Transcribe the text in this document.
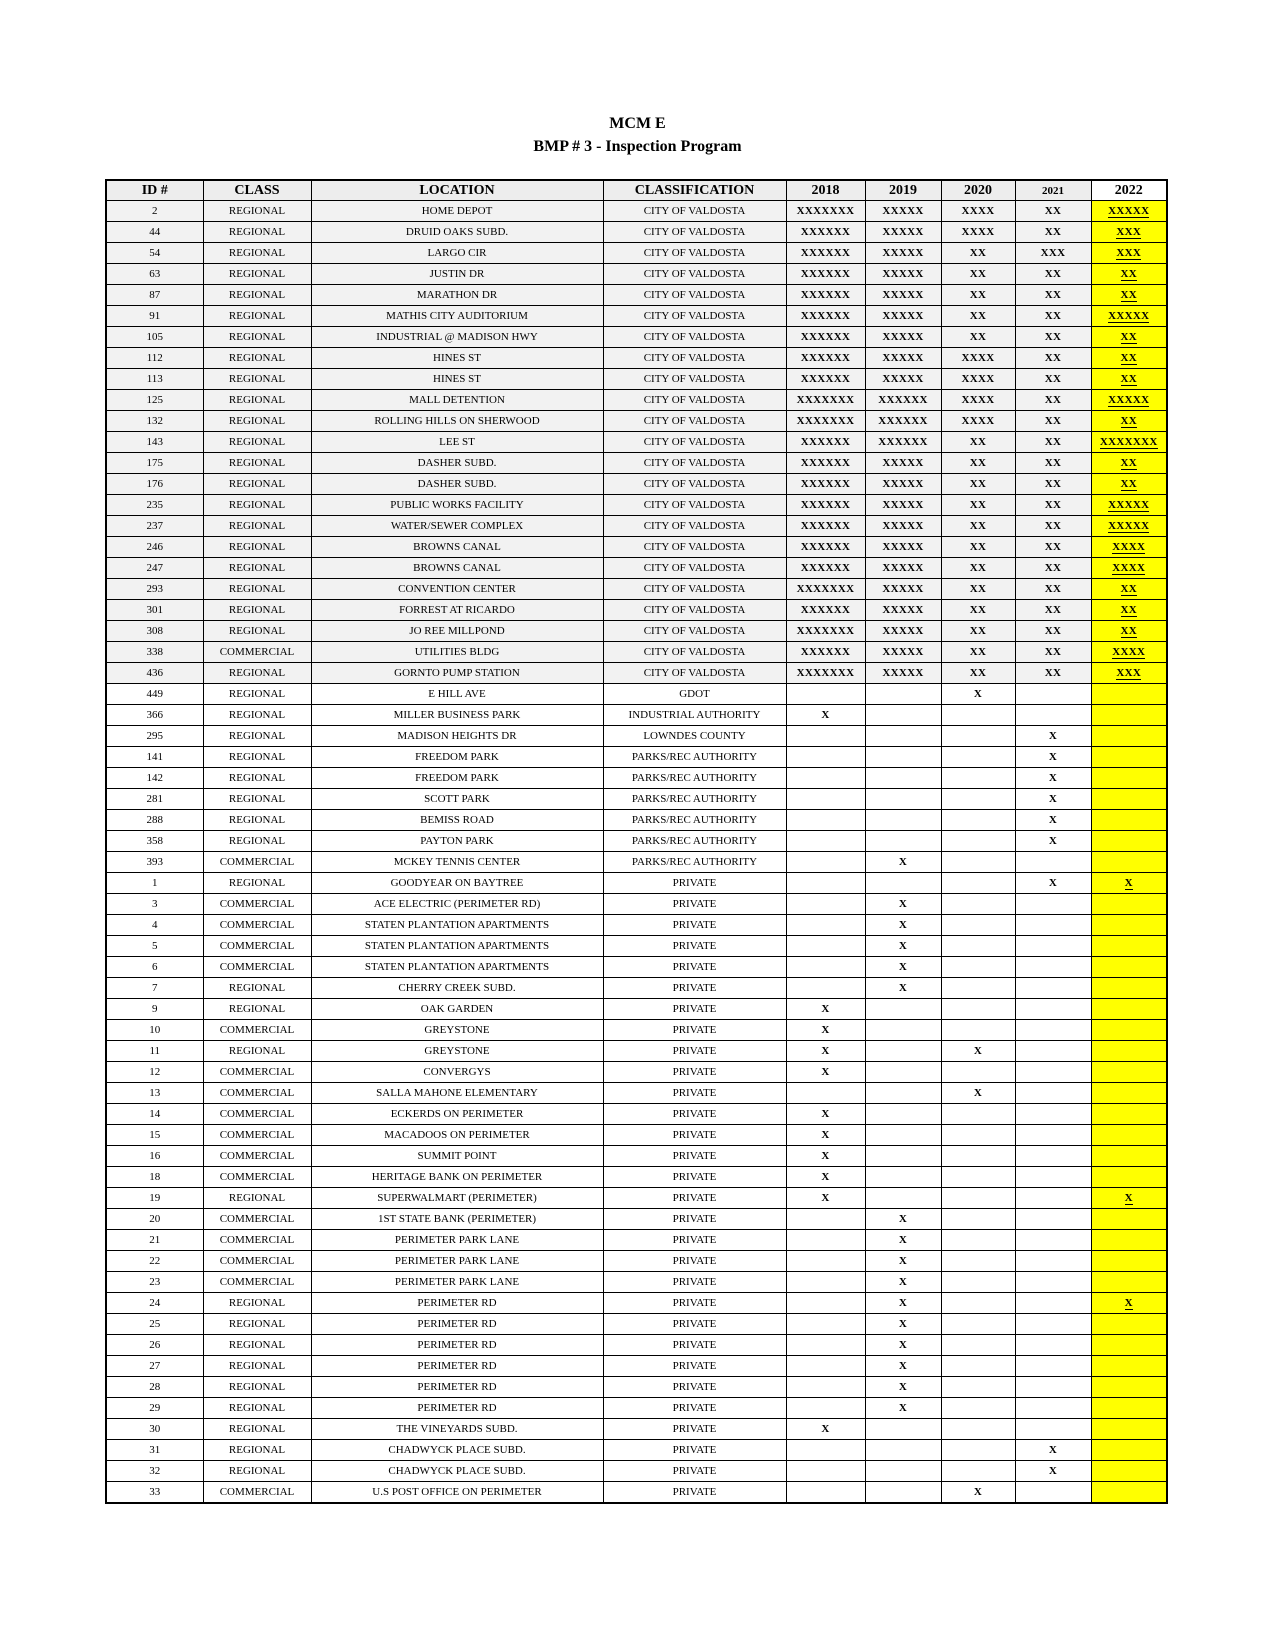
MCM E
BMP # 3 - Inspection Program
ID #	CLASS	LOCATION	CLASSIFICATION	2018	2019	2020	2021	2022
2	REGIONAL	HOME DEPOT	CITY OF VALDOSTA	XXXXXXX	XXXXX	XXXX	XX	XXXXX
44	REGIONAL	DRUID OAKS SUBD.	CITY OF VALDOSTA	XXXXXX	XXXXX	XXXX	XX	XXX
54	REGIONAL	LARGO CIR	CITY OF VALDOSTA	XXXXXX	XXXXX	XX	XXX	XXX
63	REGIONAL	JUSTIN DR	CITY OF VALDOSTA	XXXXXX	XXXXX	XX	XX	XX
87	REGIONAL	MARATHON DR	CITY OF VALDOSTA	XXXXXX	XXXXX	XX	XX	XX
91	REGIONAL	MATHIS CITY AUDITORIUM	CITY OF VALDOSTA	XXXXXX	XXXXX	XX	XX	XXXXX
105	REGIONAL	INDUSTRIAL @ MADISON HWY	CITY OF VALDOSTA	XXXXXX	XXXXX	XX	XX	XX
112	REGIONAL	HINES ST	CITY OF VALDOSTA	XXXXXX	XXXXX	XXXX	XX	XX
113	REGIONAL	HINES ST	CITY OF VALDOSTA	XXXXXX	XXXXX	XXXX	XX	XX
125	REGIONAL	MALL DETENTION	CITY OF VALDOSTA	XXXXXXX	XXXXXX	XXXX	XX	XXXXX
132	REGIONAL	ROLLING HILLS ON SHERWOOD	CITY OF VALDOSTA	XXXXXXX	XXXXXX	XXXX	XX	XX
143	REGIONAL	LEE ST	CITY OF VALDOSTA	XXXXXX	XXXXXX	XX	XX	XXXXXXX
175	REGIONAL	DASHER SUBD.	CITY OF VALDOSTA	XXXXXX	XXXXX	XX	XX	XX
176	REGIONAL	DASHER SUBD.	CITY OF VALDOSTA	XXXXXX	XXXXX	XX	XX	XX
235	REGIONAL	PUBLIC WORKS FACILITY	CITY OF VALDOSTA	XXXXXX	XXXXX	XX	XX	XXXXX
237	REGIONAL	WATER/SEWER COMPLEX	CITY OF VALDOSTA	XXXXXX	XXXXX	XX	XX	XXXXX
246	REGIONAL	BROWNS CANAL	CITY OF VALDOSTA	XXXXXX	XXXXX	XX	XX	XXXX
247	REGIONAL	BROWNS CANAL	CITY OF VALDOSTA	XXXXXX	XXXXX	XX	XX	XXXX
293	REGIONAL	CONVENTION CENTER	CITY OF VALDOSTA	XXXXXXX	XXXXX	XX	XX	XX
301	REGIONAL	FORREST AT RICARDO	CITY OF VALDOSTA	XXXXXX	XXXXX	XX	XX	XX
308	REGIONAL	JO REE MILLPOND	CITY OF VALDOSTA	XXXXXXX	XXXXX	XX	XX	XX
338	COMMERCIAL	UTILITIES BLDG	CITY OF VALDOSTA	XXXXXX	XXXXX	XX	XX	XXXX
436	REGIONAL	GORNTO PUMP STATION	CITY OF VALDOSTA	XXXXXXX	XXXXX	XX	XX	XXX
449	REGIONAL	E HILL AVE	GDOT			X		
366	REGIONAL	MILLER BUSINESS PARK	INDUSTRIAL AUTHORITY	X				
295	REGIONAL	MADISON HEIGHTS DR	LOWNDES COUNTY				X	
141	REGIONAL	FREEDOM PARK	PARKS/REC AUTHORITY				X	
142	REGIONAL	FREEDOM PARK	PARKS/REC AUTHORITY				X	
281	REGIONAL	SCOTT PARK	PARKS/REC AUTHORITY				X	
288	REGIONAL	BEMISS ROAD	PARKS/REC AUTHORITY				X	
358	REGIONAL	PAYTON PARK	PARKS/REC AUTHORITY				X	
393	COMMERCIAL	MCKEY TENNIS CENTER	PARKS/REC AUTHORITY		X			
1	REGIONAL	GOODYEAR ON BAYTREE	PRIVATE				X	X
3	COMMERCIAL	ACE ELECTRIC (PERIMETER RD)	PRIVATE		X			
4	COMMERCIAL	STATEN PLANTATION APARTMENTS	PRIVATE		X			
5	COMMERCIAL	STATEN PLANTATION APARTMENTS	PRIVATE		X			
6	COMMERCIAL	STATEN PLANTATION APARTMENTS	PRIVATE		X			
7	REGIONAL	CHERRY CREEK SUBD.	PRIVATE		X			
9	REGIONAL	OAK GARDEN	PRIVATE	X				
10	COMMERCIAL	GREYSTONE	PRIVATE	X				
11	REGIONAL	GREYSTONE	PRIVATE	X		X		
12	COMMERCIAL	CONVERGYS	PRIVATE	X				
13	COMMERCIAL	SALLA MAHONE ELEMENTARY	PRIVATE			X		
14	COMMERCIAL	ECKERDS ON PERIMETER	PRIVATE	X				
15	COMMERCIAL	MACADOOS ON PERIMETER	PRIVATE	X				
16	COMMERCIAL	SUMMIT POINT	PRIVATE	X				
18	COMMERCIAL	HERITAGE BANK ON PERIMETER	PRIVATE	X				
19	REGIONAL	SUPERWALMART (PERIMETER)	PRIVATE	X				X
20	COMMERCIAL	1ST STATE BANK (PERIMETER)	PRIVATE		X			
21	COMMERCIAL	PERIMETER PARK LANE	PRIVATE		X			
22	COMMERCIAL	PERIMETER PARK LANE	PRIVATE		X			
23	COMMERCIAL	PERIMETER PARK LANE	PRIVATE		X			
24	REGIONAL	PERIMETER RD	PRIVATE		X			X
25	REGIONAL	PERIMETER RD	PRIVATE		X			
26	REGIONAL	PERIMETER RD	PRIVATE		X			
27	REGIONAL	PERIMETER RD	PRIVATE		X			
28	REGIONAL	PERIMETER RD	PRIVATE		X			
29	REGIONAL	PERIMETER RD	PRIVATE		X			
30	REGIONAL	THE VINEYARDS SUBD.	PRIVATE	X				
31	REGIONAL	CHADWYCK PLACE SUBD.	PRIVATE				X	
32	REGIONAL	CHADWYCK PLACE SUBD.	PRIVATE				X	
33	COMMERCIAL	U.S POST OFFICE ON PERIMETER	PRIVATE			X		
